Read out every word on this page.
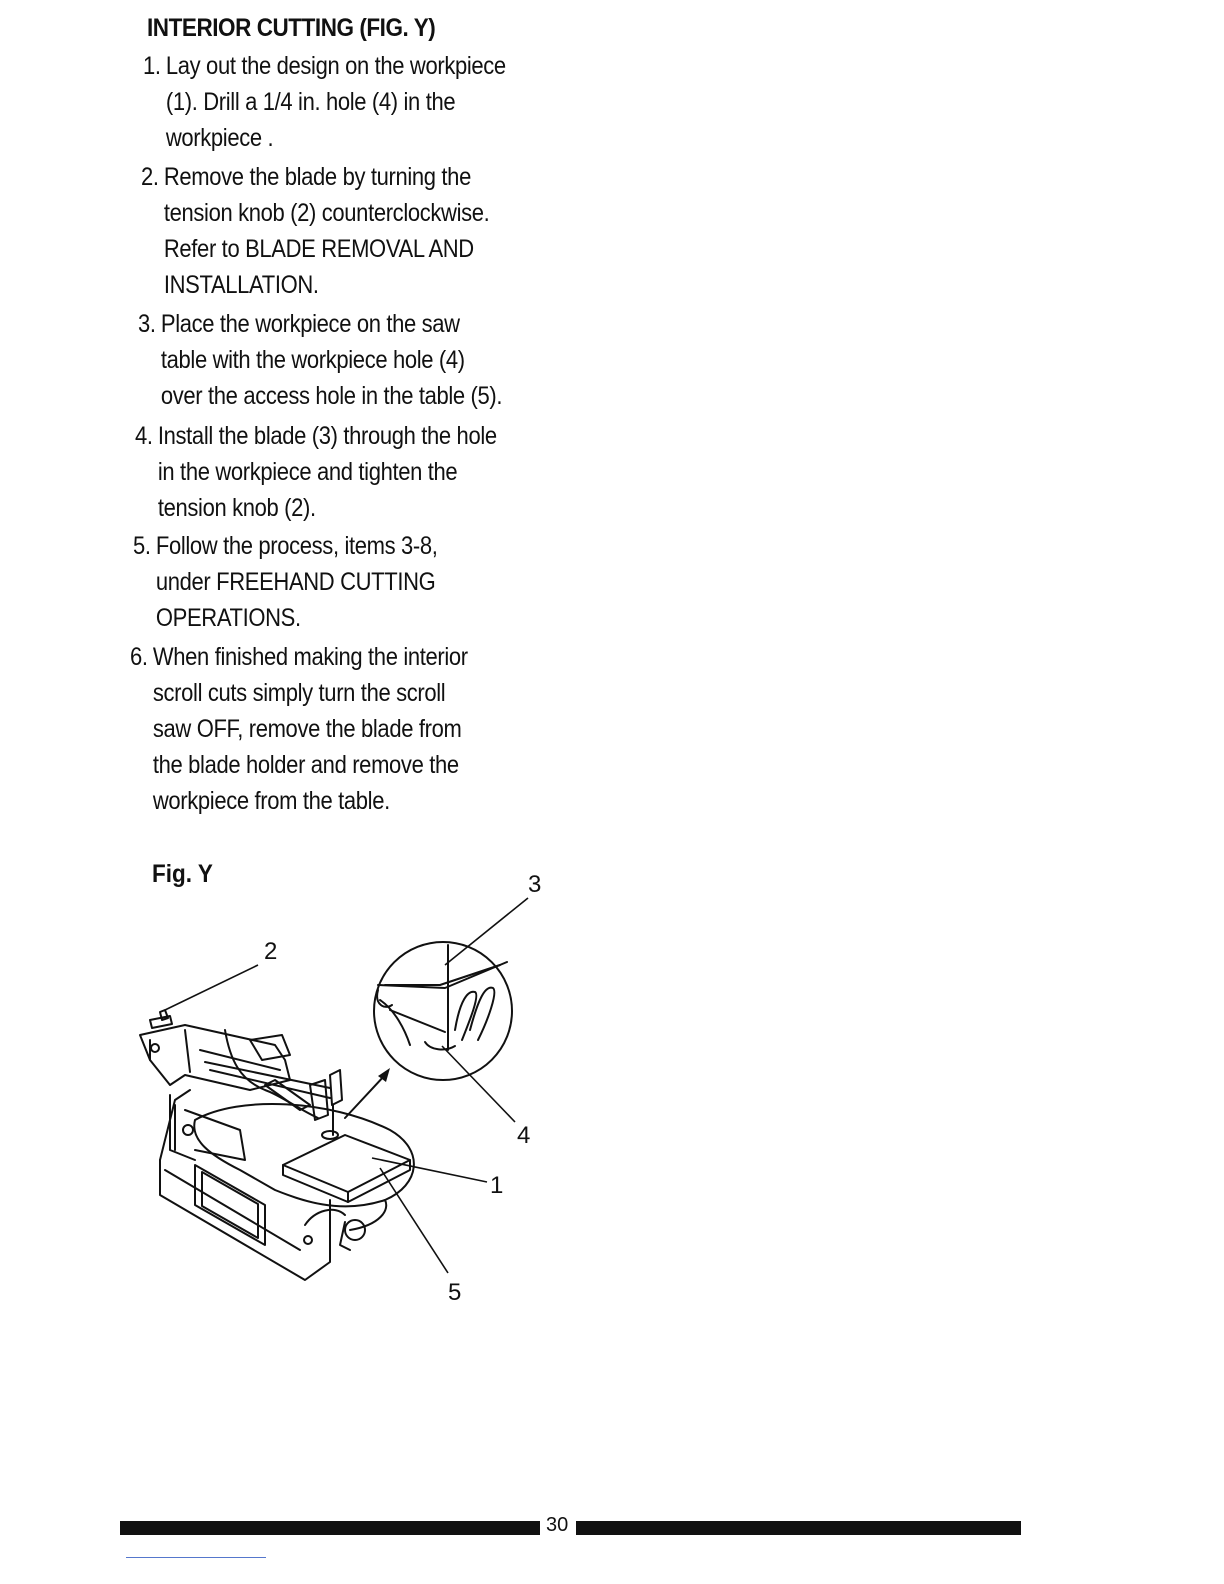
INTERIOR CUTTING (FIG. Y)
1. Lay out the design on the workpiece
(1). Drill a 1/4 in. hole (4) in the
workpiece .
2. Remove the blade by turning the
tension knob (2) counterclockwise.
Refer to BLADE REMOVAL AND
INSTALLATION.
3. Place the workpiece on the saw
table with the workpiece hole (4)
over the access hole in the table (5).
4. Install the blade (3) through the hole
in the workpiece and tighten the
tension knob (2).
5. Follow the process, items 3-8,
under FREEHAND CUTTING
OPERATIONS.
6. When finished making the interior
scroll cuts simply turn the scroll
saw OFF, remove the blade from
the blade holder and remove the
workpiece from the table.
Fig. Y
2
3
4
1
5
30
